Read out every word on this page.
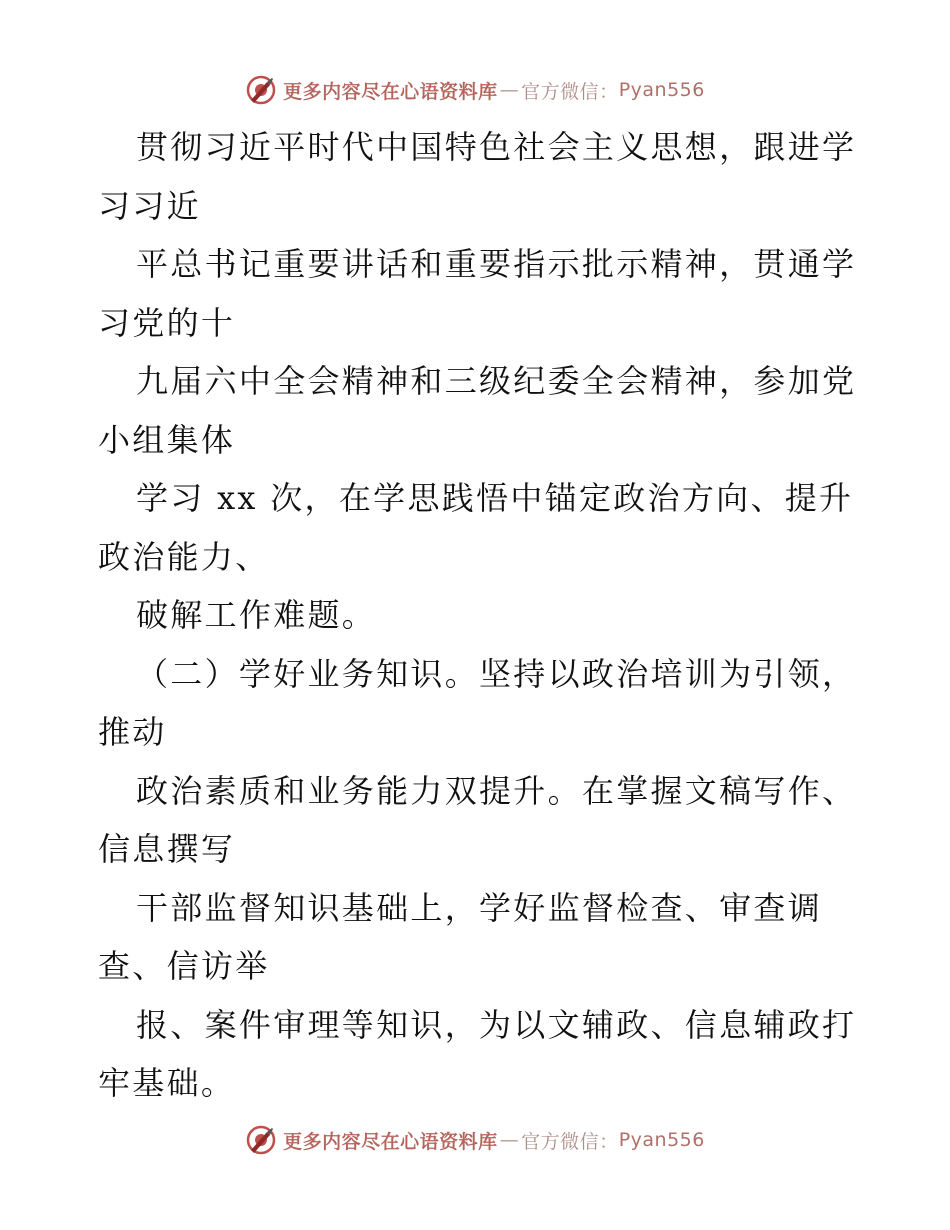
更多内容尽在心语资料库 — 官方微信： Pyan556
贯彻习近平时代中国特色社会主义思想，跟进学
习习近
平总书记重要讲话和重要指示批示精神，贯通学
习党的十
九届六中全会精神和三级纪委全会精神，参加党
小组集体
学习 xx 次，在学思践悟中锚定政治方向、提升
政治能力、
破解工作难题。
（二）学好业务知识。坚持以政治培训为引领，
推动
政治素质和业务能力双提升。在掌握文稿写作、
信息撰写
干部监督知识基础上，学好监督检查、审查调
查、信访举
报、案件审理等知识，为以文辅政、信息辅政打
牢基础。
更多内容尽在心语资料库 — 官方微信： Pyan556
